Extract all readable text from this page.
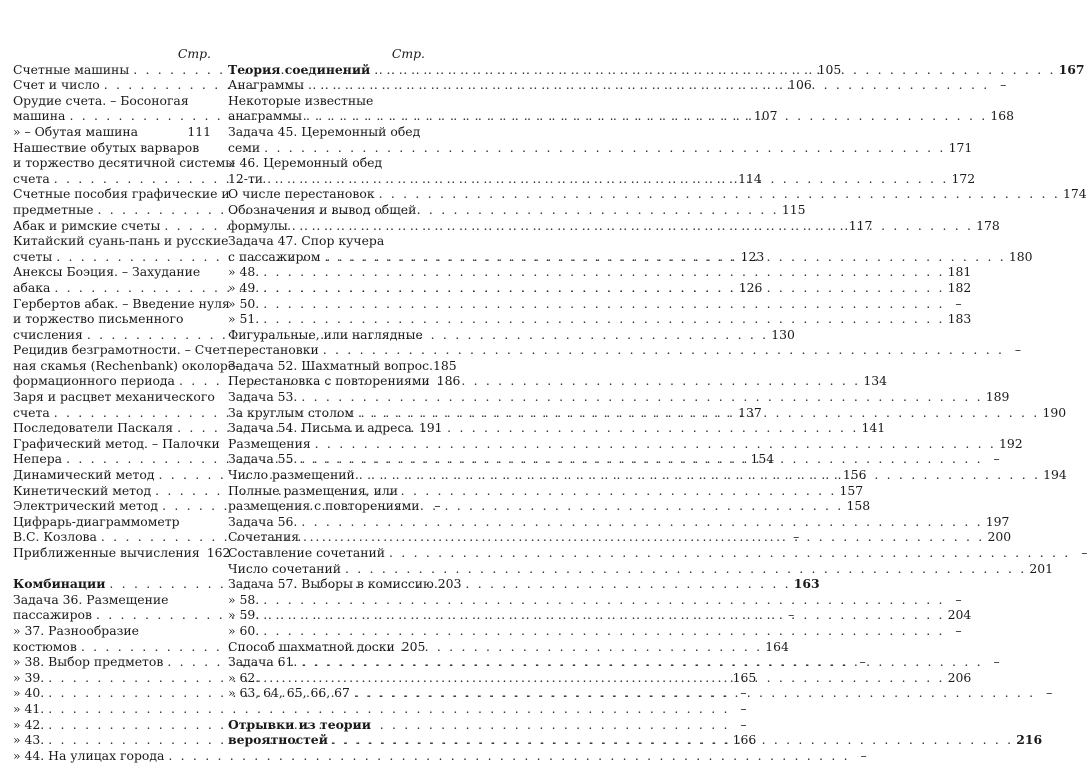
Стр.
Счетные машины . . .	105
Счет и число . . .	106
Орудие счета. – Босоногая
машина . . .	107
» – Обутая машина	111
Нашествие обутых варваров
и торжество десятичной системы
счета . . .	114
Счетные пособия графические и
предметные . . .	115
Абак и римские счеты . . .	117
Китайский суань-пань и русские
счеты . . .	123
Анексы Боэция. – Захудание
абака . . .	126
Гербертов абак. – Введение нуля
и торжество письменного
счисления . . .	130
Рецидив безграмотности. – Счет-
ная скамья (Rechenbank) околоре-
формационного периода . . .	134
Заря и расцвет механического
счета . . .	137
Последователи Паскаля . . .	141
Графический метод. – Палочки
Непера . . .	154
Динамический метод . . .	156
Кинетический метод . . .	157
Электрический метод . . .	158
Цифрарь-диаграммометр
В.С. Козлова . . .	–
Приближенные вычисления 162
Комбинации . . .	163
Задача 36. Размещение
пассажиров . . .	–
» 37. Разнообразие
костюмов . . .	164
» 38. Выбор предметов . . .	–
» 39. . . .	165
» 40. . . .	–
» 41. . . .	–
» 42. . . .	–
» 43. . . .	166
» 44. На улицах города . . .	–
Стр.
Теория соединений . . .	167
Анаграммы . . .	–
Некоторые известные
анаграммы . . .	168
Задача 45. Церемонный обед
семи . . .	171
» 46. Церемонный обед
12-ти . . .	172
О числе перестановок . . .	174
Обозначения и вывод общей
формулы . . .	178
Задача 47. Спор кучера
с пассажиром . . .	180
» 48. . . .	181
» 49. . . .	182
» 50. . . .	–
» 51. . . .	183
Фигуральные, или наглядные
перестановки . . .	–
Задача 52. Шахматный вопрос. 185
Перестановка с повторениями 186
Задача 53. . . .	189
За круглым столом . . .	190
Задача 54. Письма и адреса 191
Размещения . . .	192
Задача 55. . . .	–
Число размещений . . .	194
Полные размещения, или
размещения с повторениями	–
Задача 56. . . .	197
Сочетания . . .	200
Составление сочетаний . . .	–
Число сочетаний . . .	201
Задача 57. Выборы в комиссию. 203
» 58. . . .	–
» 59. . . .	204
» 60. . . .	–
Способ шахматной доски 205
Задача 61. . . .	–
» 62. . . .	206
» 63, 64, 65, 66, 67 . . .	–
Отрывки из теории
вероятностей . . .	216
